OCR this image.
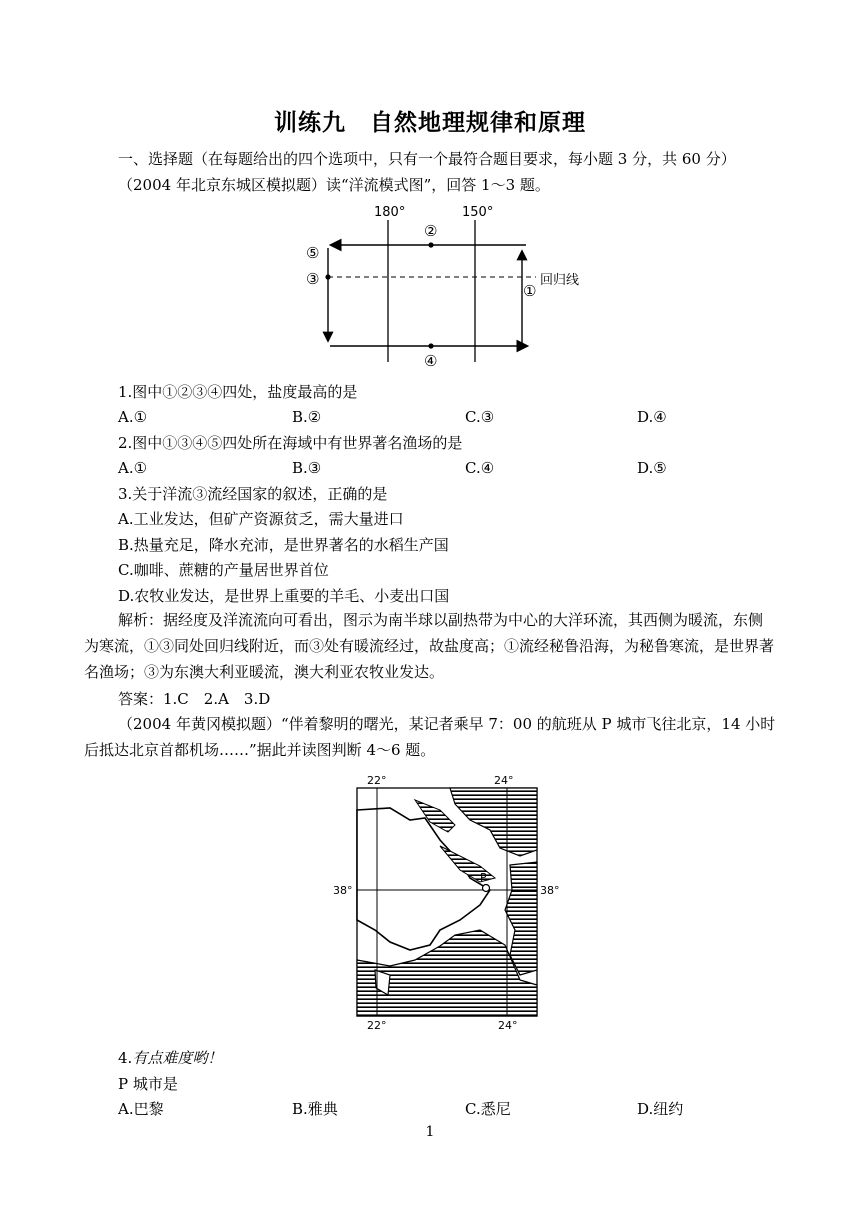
训练九　自然地理规律和原理
一、选择题（在每题给出的四个选项中，只有一个最符合题目要求，每小题 3 分，共 60 分）
（2004 年北京东城区模拟题）读“洋流模式图”，回答 1～3 题。
180°	150°
②
④
⑤
③
①
回归线
1.图中①②③④四处，盐度最高的是
A.①	B.②	C.③	D.④
2.图中①③④⑤四处所在海域中有世界著名渔场的是
A.①	B.③	C.④	D.⑤
3.关于洋流③流经国家的叙述，正确的是
A.工业发达，但矿产资源贫乏，需大量进口
B.热量充足，降水充沛，是世界著名的水稻生产国
C.咖啡、蔗糖的产量居世界首位
D.农牧业发达，是世界上重要的羊毛、小麦出口国
解析：据经度及洋流流向可看出，图示为南半球以副热带为中心的大洋环流，其西侧为暖流，东侧为寒流，①③同处回归线附近，而③处有暖流经过，故盐度高；①流经秘鲁沿海，为秘鲁寒流，是世界著名渔场；③为东澳大利亚暖流，澳大利亚农牧业发达。
答案：1.C　2.A　3.D
（2004 年黄冈模拟题）“伴着黎明的曙光，某记者乘早 7：00 的航班从 P 城市飞往北京，14 小时后抵达北京首都机场……”据此并读图判断 4～6 题。
P
22°	24°
38°	38°
22°	24°
4.有点难度哟！
P 城市是
A.巴黎	B.雅典	C.悉尼	D.纽约
1
